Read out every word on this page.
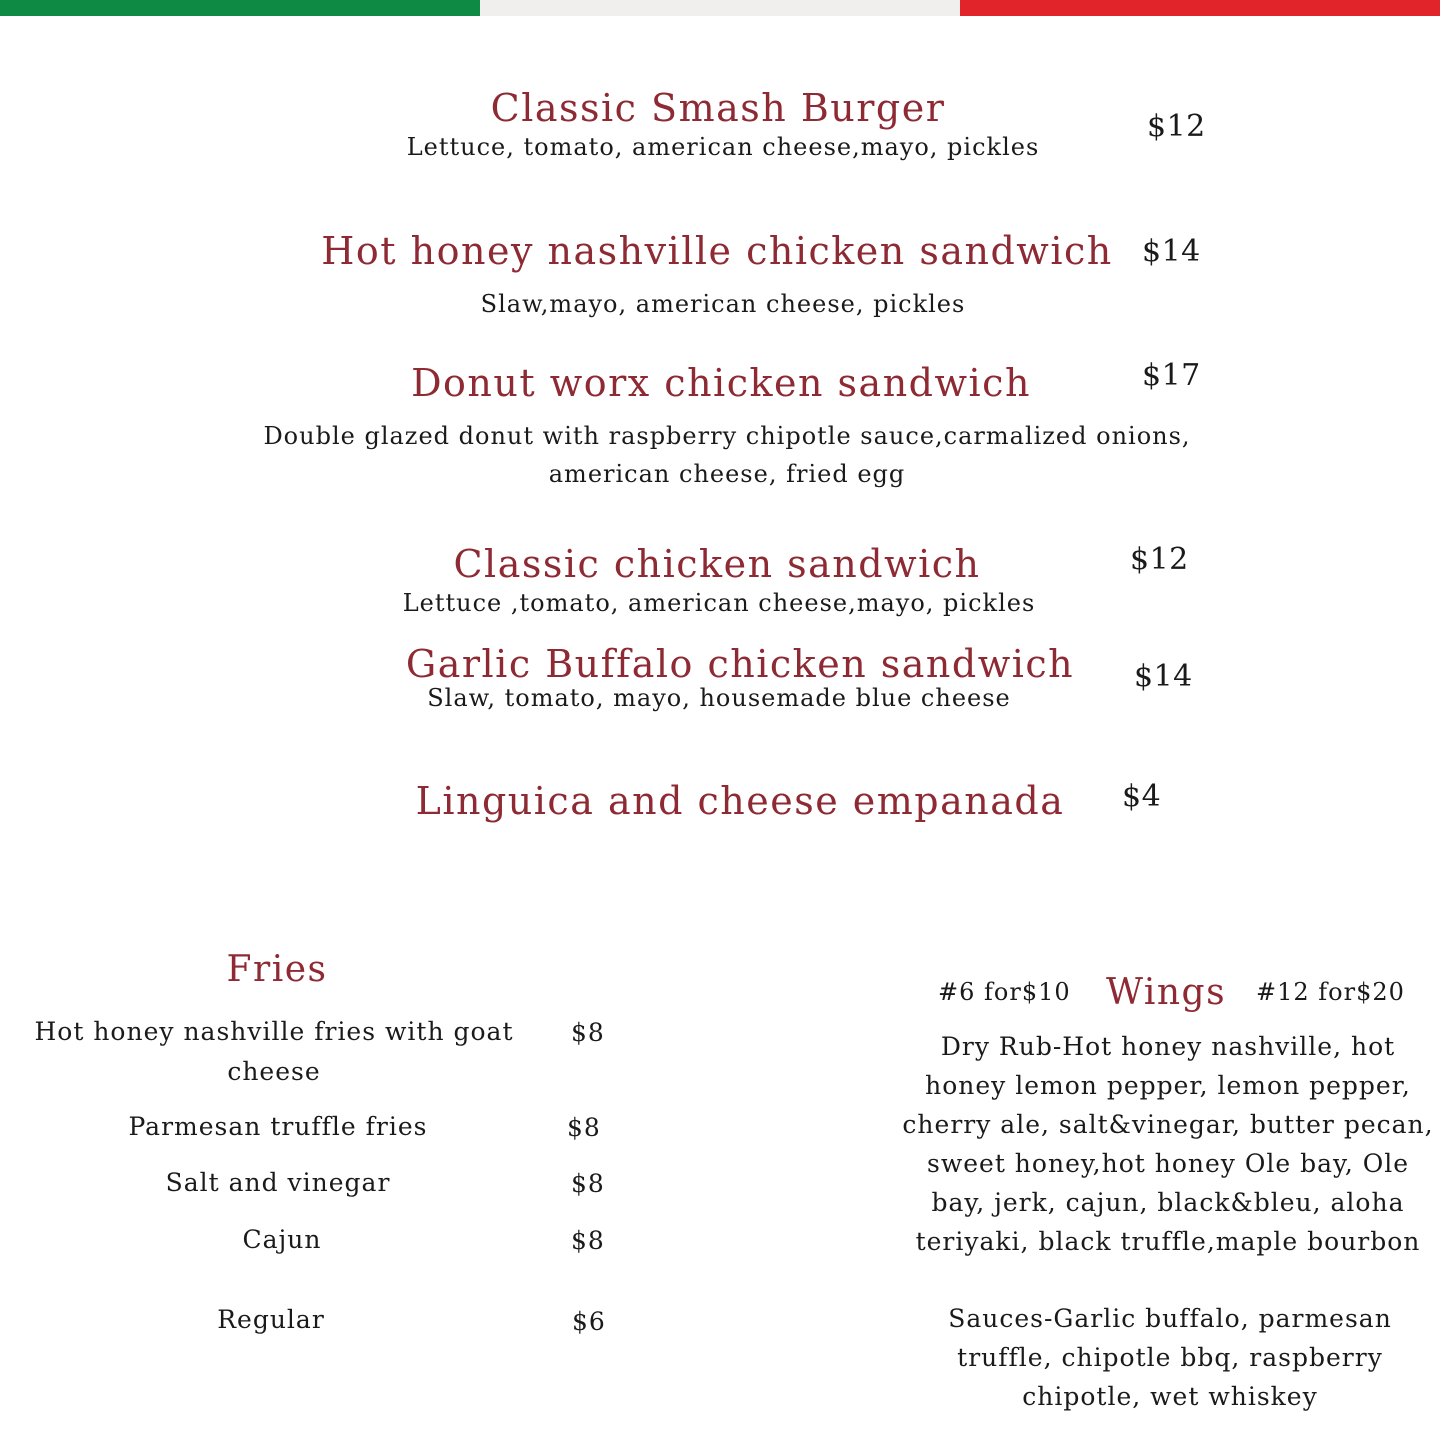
Classic Smash Burger
Lettuce, tomato, american cheese,mayo, pickles
$12
Hot honey nashville chicken sandwich
Slaw,mayo, american cheese, pickles
$14
Donut worx chicken sandwich
Double glazed donut with raspberry chipotle sauce,carmalized onions, american cheese, fried egg
$17
Classic chicken sandwich
Lettuce ,tomato, american cheese,mayo, pickles
$12
Garlic Buffalo chicken sandwich
Slaw, tomato, mayo, housemade blue cheese
$14
Linguica and cheese empanada $4
Fries
Hot honey nashville fries with goat cheese
$8
Parmesan truffle fries	$8
Salt and vinegar	$8
Cajun	$8
Regular	$6
#6 for$10 Wings #12 for$20
Dry Rub-Hot honey nashville, hot honey lemon pepper, lemon pepper, cherry ale, salt&vinegar, butter pecan, sweet honey,hot honey Ole bay, Ole bay, jerk, cajun, black&bleu, aloha teriyaki, black truffle,maple bourbon
Sauces-Garlic buffalo, parmesan truffle, chipotle bbq, raspberry chipotle, wet whiskey
